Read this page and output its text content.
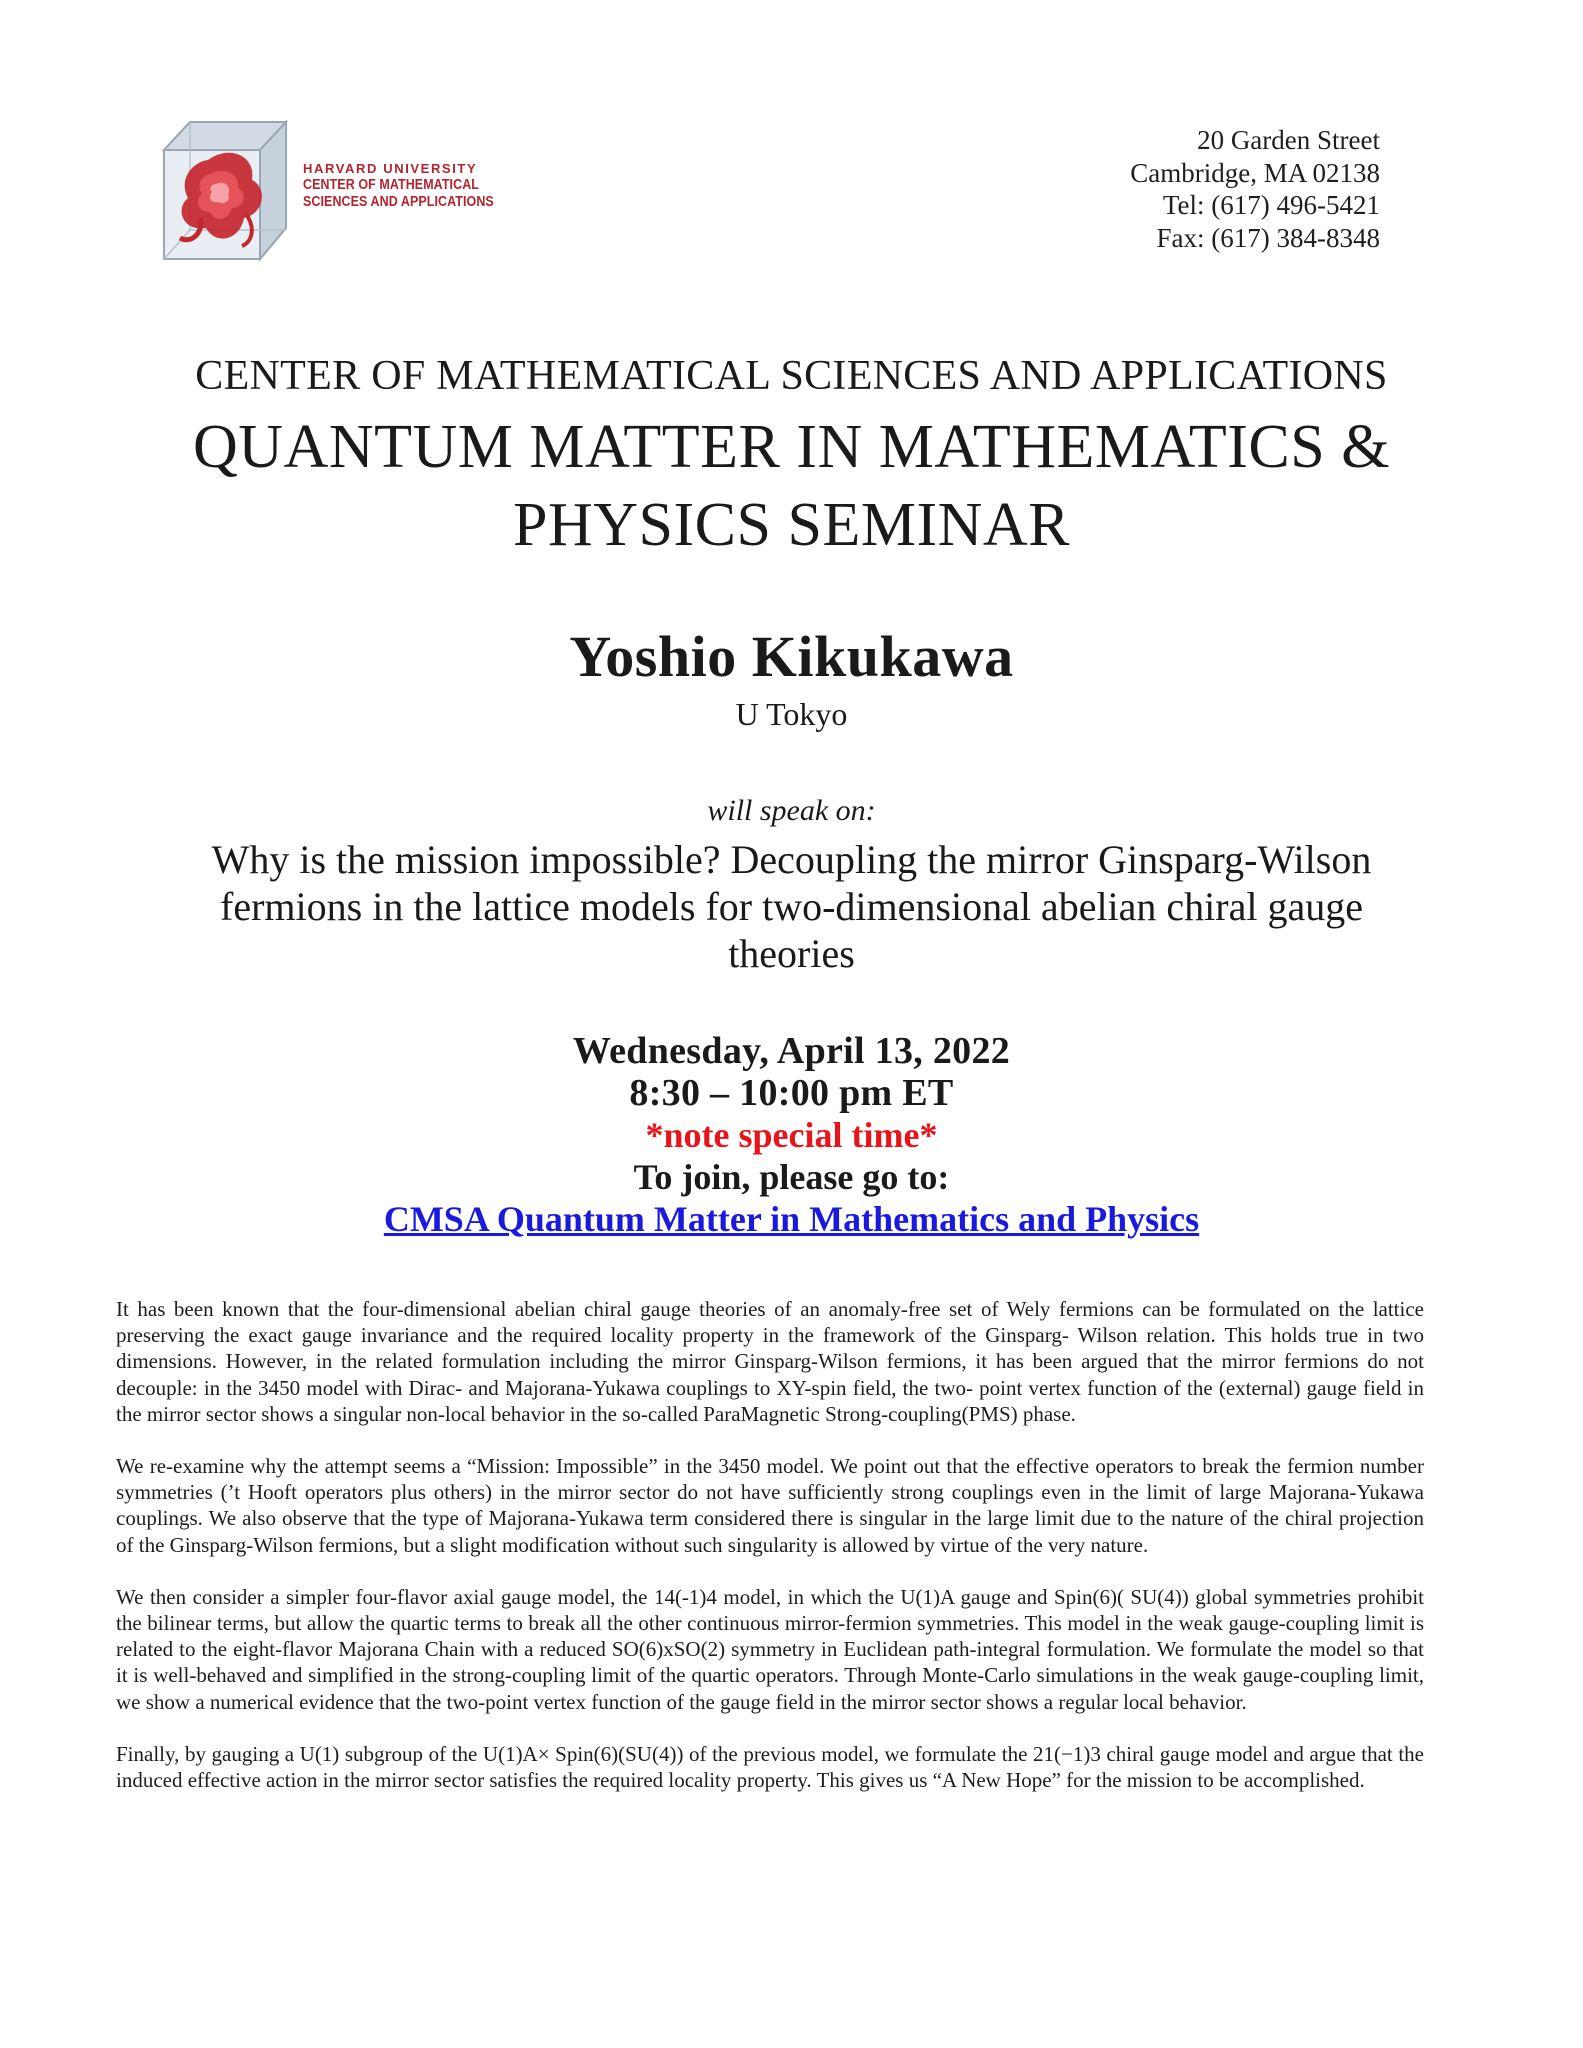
HARVARD UNIVERSITY
CENTER OF MATHEMATICAL
SCIENCES AND APPLICATIONS
20 Garden Street
Cambridge, MA 02138
Tel: (617) 496-5421
Fax: (617) 384-8348
CENTER OF MATHEMATICAL SCIENCES AND APPLICATIONS
QUANTUM MATTER IN MATHEMATICS &
PHYSICS SEMINAR
Yoshio Kikukawa
U Tokyo
will speak on:
Why is the mission impossible? Decoupling the mirror Ginsparg-Wilson
fermions in the lattice models for two-dimensional abelian chiral gauge
theories
Wednesday, April 13, 2022
8:30 – 10:00 pm ET
*note special time*
To join, please go to:
CMSA Quantum Matter in Mathematics and Physics

It has been known that the four-dimensional abelian chiral gauge theories of an anomaly-free set of Wely fermions can be formulated on the lattice preserving the exact gauge invariance and the required locality property in the framework of the Ginsparg- Wilson relation. This holds true in two dimensions. However, in the related formulation including the mirror Ginsparg-Wilson fermions, it has been argued that the mirror fermions do not decouple: in the 3450 model with Dirac- and Majorana-Yukawa couplings to XY-spin field, the two- point vertex function of the (external) gauge field in the mirror sector shows a singular non-local behavior in the so-called ParaMagnetic Strong-coupling(PMS) phase.

We re-examine why the attempt seems a “Mission: Impossible” in the 3450 model. We point out that the effective operators to break the fermion number symmetries (’t Hooft operators plus others) in the mirror sector do not have sufficiently strong couplings even in the limit of large Majorana-Yukawa couplings. We also observe that the type of Majorana-Yukawa term considered there is singular in the large limit due to the nature of the chiral projection of the Ginsparg-Wilson fermions, but a slight modification without such singularity is allowed by virtue of the very nature.

We then consider a simpler four-flavor axial gauge model, the 14(-1)4 model, in which the U(1)A gauge and Spin(6)( SU(4)) global symmetries prohibit the bilinear terms, but allow the quartic terms to break all the other continuous mirror-fermion symmetries. This model in the weak gauge-coupling limit is related to the eight-flavor Majorana Chain with a reduced SO(6)xSO(2) symmetry in Euclidean path-integral formulation. We formulate the model so that it is well-behaved and simplified in the strong-coupling limit of the quartic operators. Through Monte-Carlo simulations in the weak gauge-coupling limit, we show a numerical evidence that the two-point vertex function of the gauge field in the mirror sector shows a regular local behavior.

Finally, by gauging a U(1) subgroup of the U(1)A× Spin(6)(SU(4)) of the previous model, we formulate the 21(−1)3 chiral gauge model and argue that the induced effective action in the mirror sector satisfies the required locality property. This gives us “A New Hope” for the mission to be accomplished.
